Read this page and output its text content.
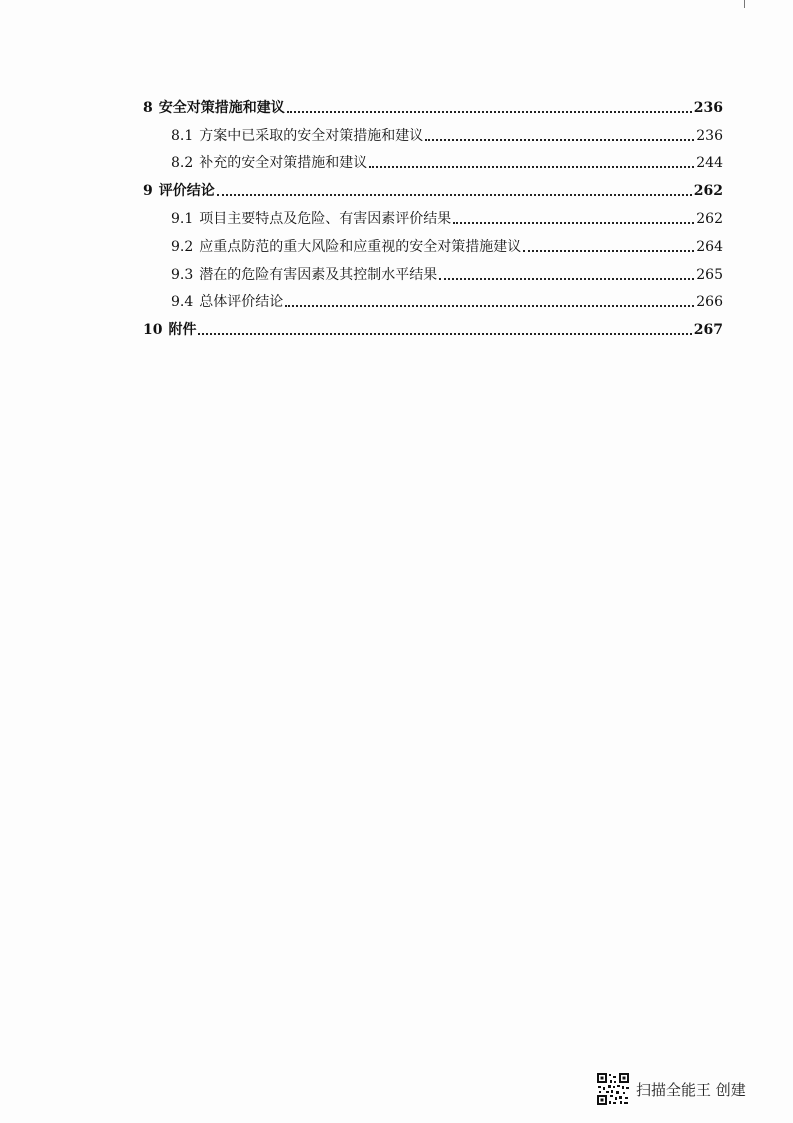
8 安全对策措施和建议	236
8.1 方案中已采取的安全对策措施和建议	236
8.2 补充的安全对策措施和建议	244
9 评价结论	262
9.1 项目主要特点及危险、有害因素评价结果	262
9.2 应重点防范的重大风险和应重视的安全对策措施建议	264
9.3 潜在的危险有害因素及其控制水平结果	265
9.4 总体评价结论	266
10 附件	267
扫描全能王 创建
